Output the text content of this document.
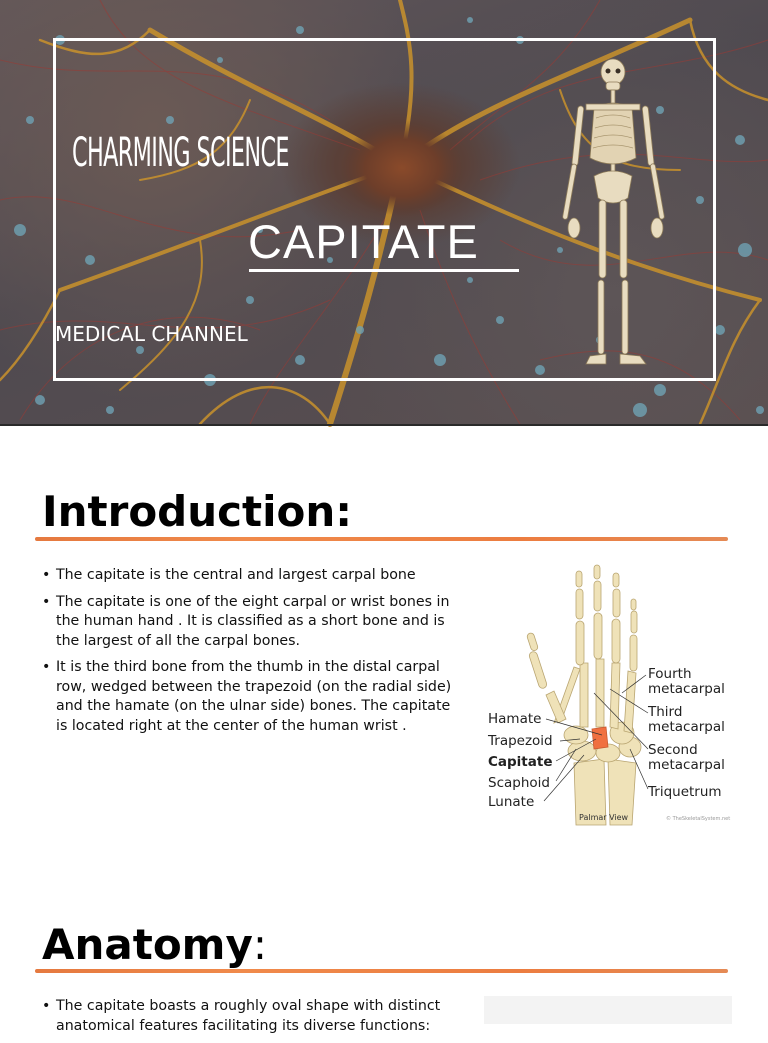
CHARMING SCIENCE
CAPITATE
MEDICAL CHANNEL
Introduction:
• The capitate is the central and largest carpal bone
• The capitate is one of the eight carpal or wrist bones in the human hand . It is classified as a short bone and is the largest of all the carpal bones.
• It is the third bone from the thumb in the distal carpal row, wedged between the trapezoid (on the radial side) and the hamate (on the ulnar side) bones. The capitate is located right at the center of the human wrist .	Hamate
Trapezoid
Capitate
Scaphoid
Lunate
Fourth
metacarpal
Third
metacarpal
Second
metacarpal
Triquetrum
Palmar View	© TheSkeletalSystem.net
Anatomy:
• The capitate boasts a roughly oval shape with distinct anatomical features facilitating its diverse functions:
